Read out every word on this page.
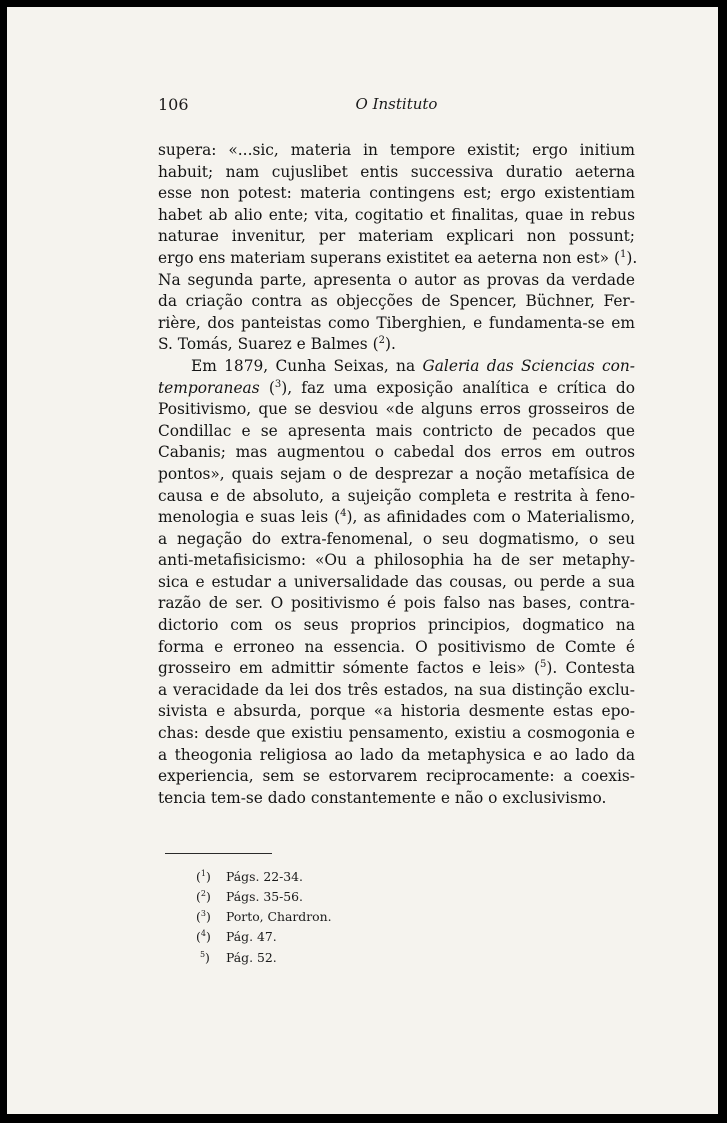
106	O Instituto
supera: «...sic, materia in tempore existit; ergo initium
habuit; nam cujuslibet entis successiva duratio aeterna
esse non potest: materia contingens est; ergo existentiam
habet ab alio ente; vita, cogitatio et finalitas, quae in rebus
naturae invenitur, per materiam explicari non possunt;
ergo ens materiam superans existitet ea aeterna non est» ($^1$).
Na segunda parte, apresenta o autor as provas da verdade
da criação contra as objecções de Spencer, Büchner, Fer-
rière, dos panteistas como Tiberghien, e fundamenta-se em
S. Tomás, Suarez e Balmes ($^2$).
Em 1879, Cunha Seixas, na Galeria das Sciencias con-
temporaneas ($^3$), faz uma exposição analítica e crítica do
Positivismo, que se desviou «de alguns erros grosseiros de
Condillac e se apresenta mais contricto de pecados que
Cabanis; mas augmentou o cabedal dos erros em outros
pontos», quais sejam o de desprezar a noção metafísica de
causa e de absoluto, a sujeição completa e restrita à feno-
menologia e suas leis ($^4$), as afinidades com o Materialismo,
a negação do extra-fenomenal, o seu dogmatismo, o seu
anti-metafisicismo: «Ou a philosophia ha de ser metaphy-
sica e estudar a universalidade das cousas, ou perde a sua
razão de ser. O positivismo é pois falso nas bases, contra-
dictorio com os seus proprios principios, dogmatico na
forma e erroneo na essencia. O positivismo de Comte é
grosseiro em admittir sómente factos e leis» ($^5$). Contesta
a veracidade da lei dos três estados, na sua distinção exclu-
sivista e absurda, porque «a historia desmente estas epo-
chas: desde que existiu pensamento, existiu a cosmogonia e
a theogonia religiosa ao lado da metaphysica e ao lado da
experiencia, sem se estorvarem reciprocamente: a coexis-
tencia tem-se dado constantemente e não o exclusivismo.
($^1$) Págs. 22-34.
($^2$) Págs. 35-56.
($^3$) Porto, Chardron.
($^4$) Pág. 47.
$^5$) Pág. 52.
